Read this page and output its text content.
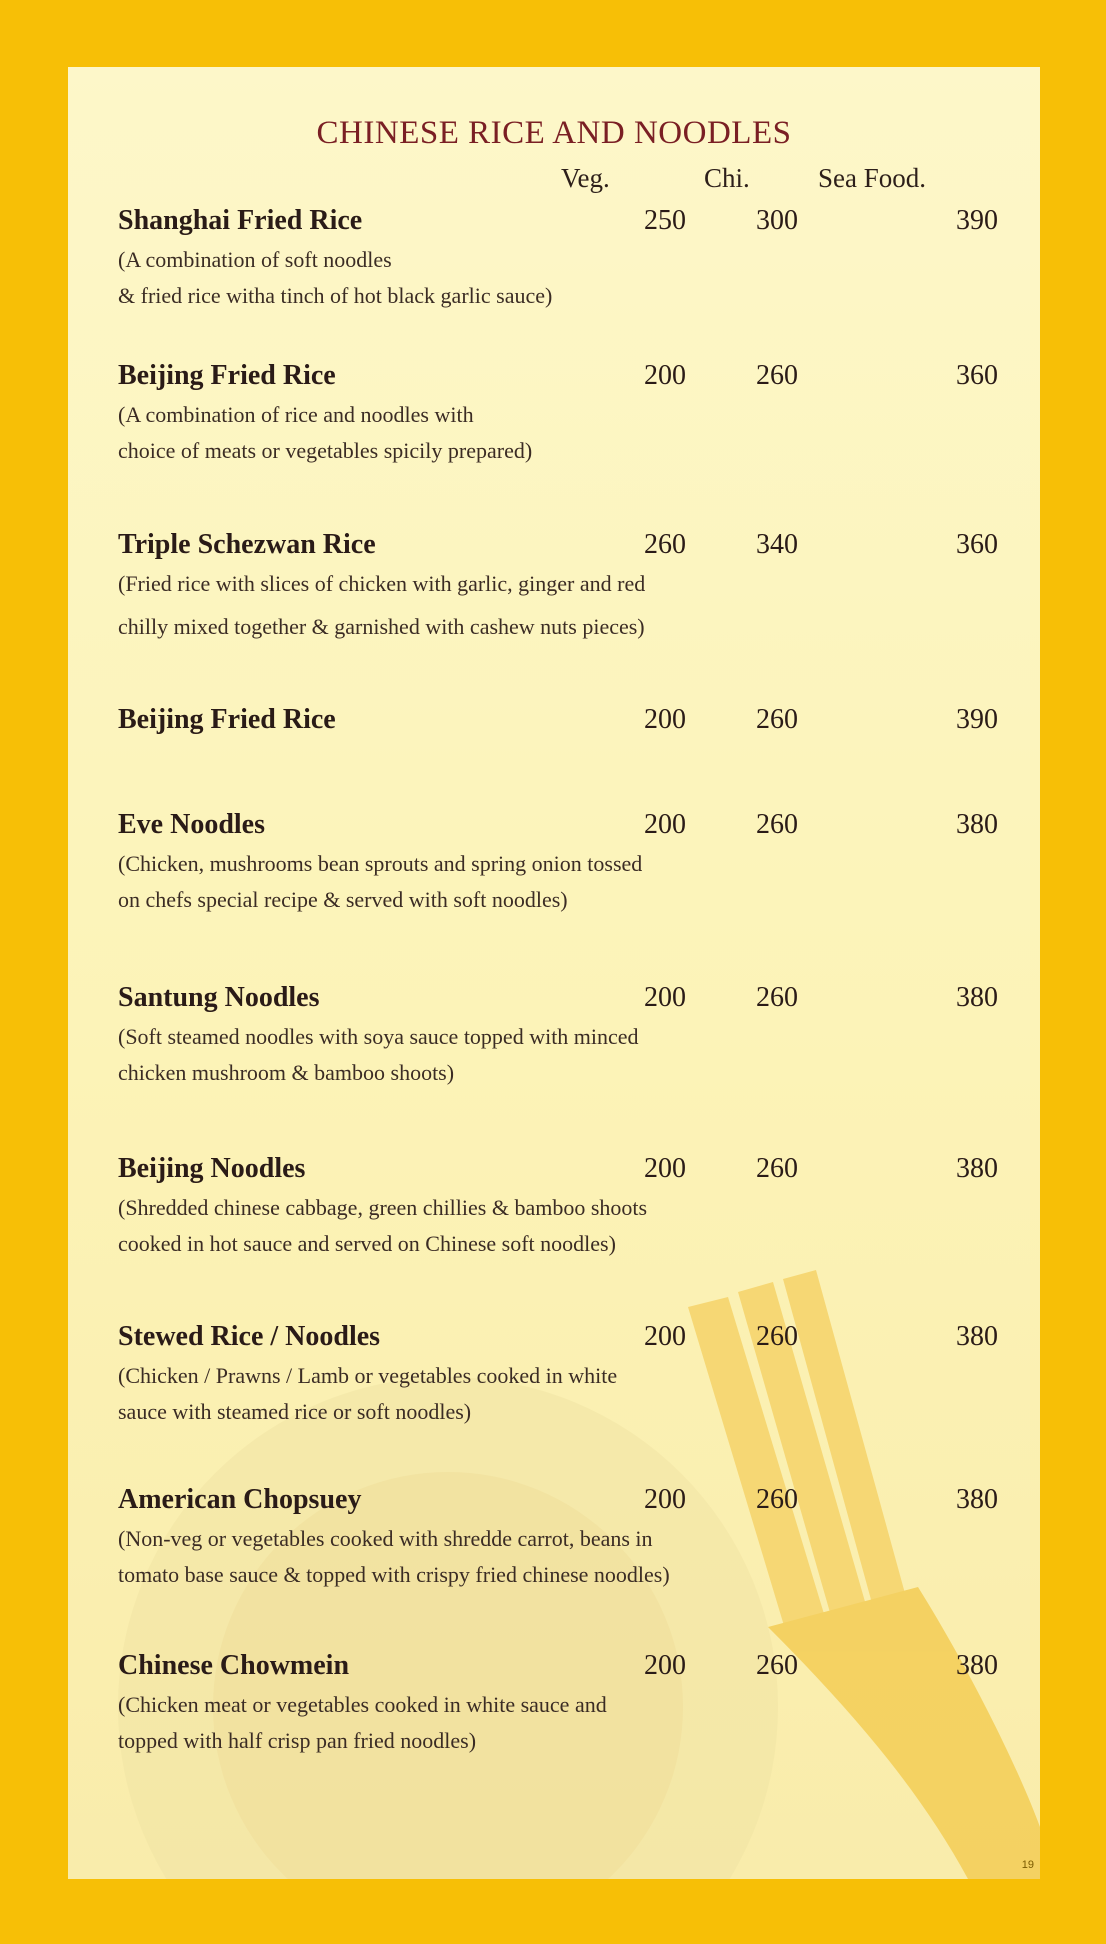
CHINESE RICE AND NOODLES
Veg.	Chi.	Sea Food.
Shanghai Fried Rice	250	300	390
(A combination of soft noodles
& fried rice witha tinch of hot black garlic sauce)
Beijing Fried Rice	200	260	360
(A combination of rice and noodles with
choice of meats or vegetables spicily prepared)
Triple Schezwan Rice	260	340	360
(Fried rice with slices of chicken with garlic, ginger and red
chilly mixed together & garnished with cashew nuts pieces)
Beijing Fried Rice	200	260	390
Eve Noodles	200	260	380
(Chicken, mushrooms bean sprouts and spring onion tossed
on chefs special recipe & served with soft noodles)
Santung Noodles	200	260	380
(Soft steamed noodles with soya sauce topped with minced
chicken mushroom & bamboo shoots)
Beijing Noodles	200	260	380
(Shredded chinese cabbage, green chillies & bamboo shoots
cooked in hot sauce and served on Chinese soft noodles)
Stewed Rice / Noodles	200	260	380
(Chicken / Prawns / Lamb or vegetables cooked in white
sauce with steamed rice or soft noodles)
American Chopsuey	200	260	380
(Non-veg or vegetables cooked with shredde carrot, beans in
tomato base sauce & topped with crispy fried chinese noodles)
Chinese Chowmein	200	260	380
(Chicken meat or vegetables cooked in white sauce and
topped with half crisp pan fried noodles)
19
